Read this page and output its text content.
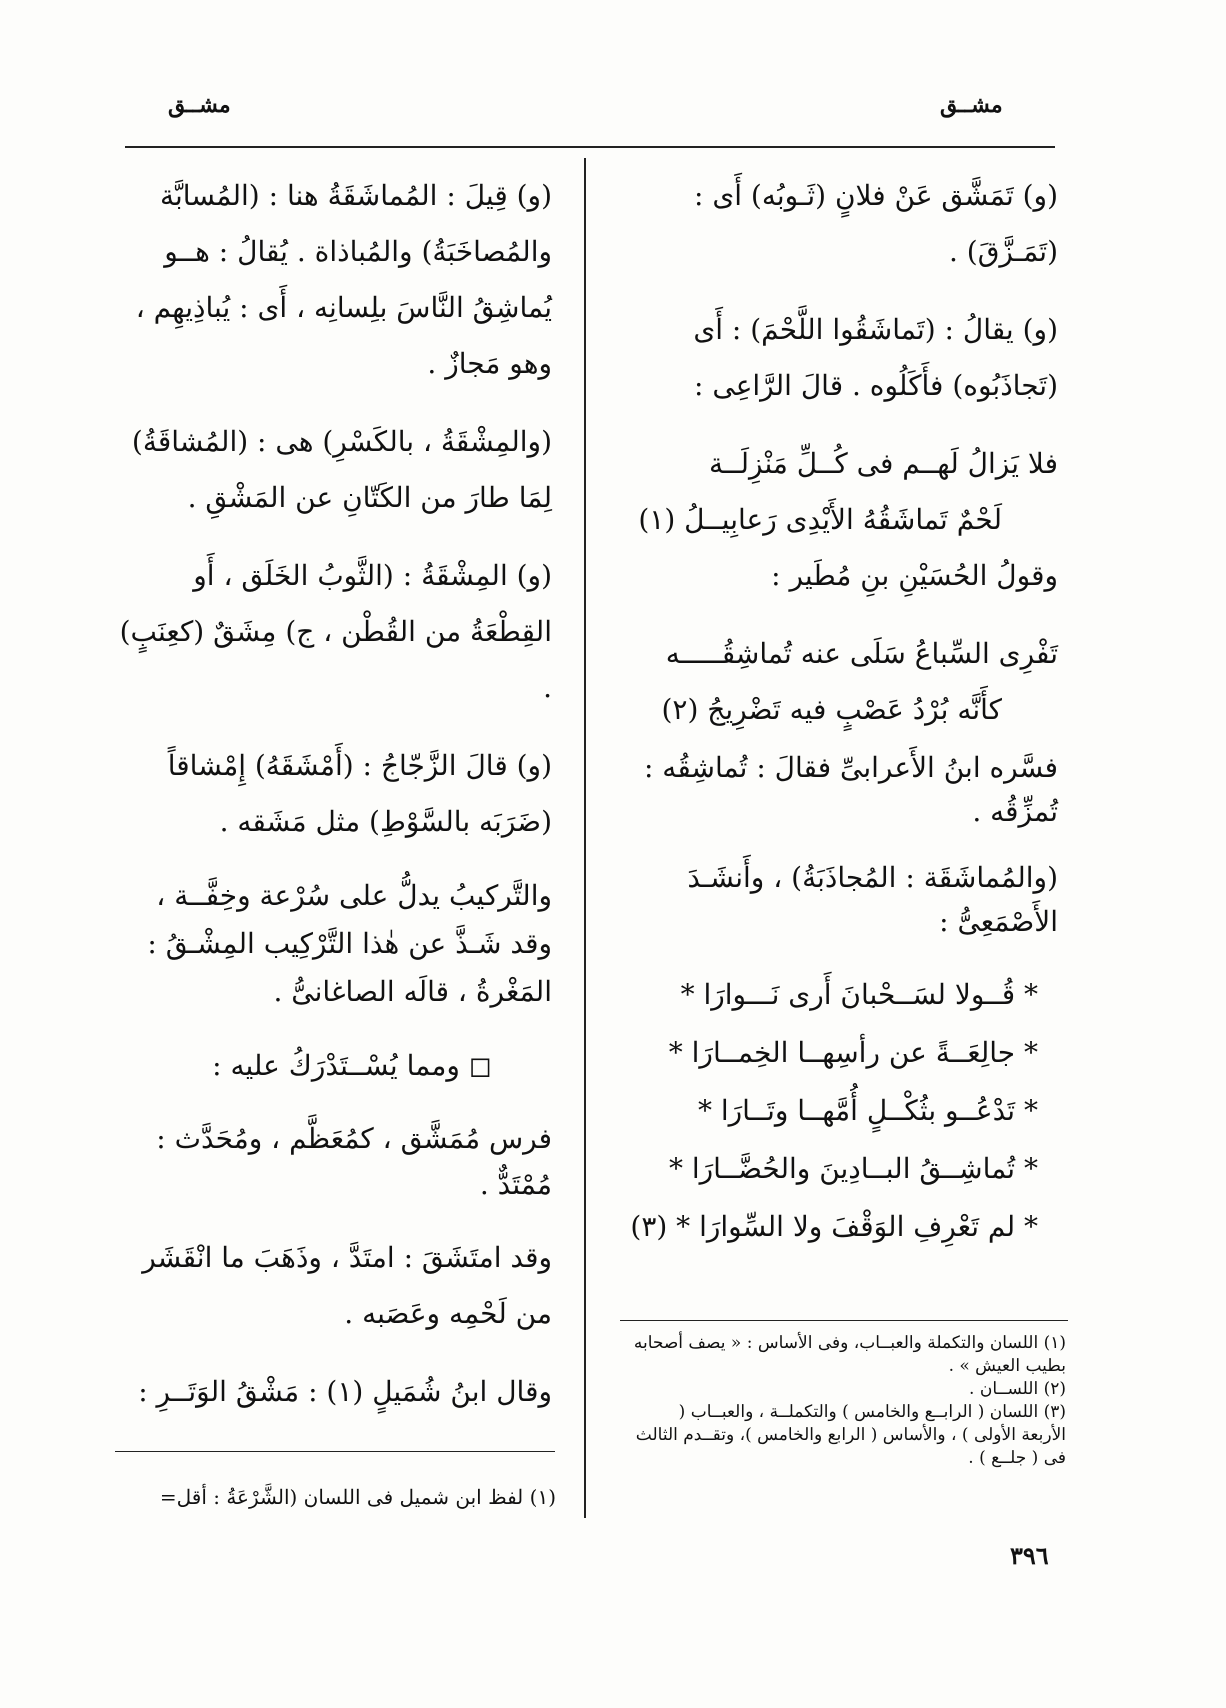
مشــق
مشــق

(و) تَمَشَّق عَنْ فلانٍ (ثَـوبُه) أَى : (تَمَـزَّقَ) .

(و) يقالُ : (تَماشَقُوا اللَّحْمَ) : أَى (تَجاذَبُوه) فأَكَلُوه . قالَ الرَّاعِى :

فلا يَزالُ لَهــم فى كُــلِّ مَنْزِلَــة

لَحْمٌ تَماشَقُهُ الأَيْدِى رَعابِيــلُ (١)

وقولُ الحُسَيْنِ بنِ مُطَير :

تَفْرِى السِّباعُ سَلَى عنه تُماشِقُـــــه

كأَنَّه بُرْدُ عَصْبٍ فيه تَضْرِيجُ (٢)

فسَّره ابنُ الأَعرابىِّ فقالَ : تُماشِقُه : تُمزِّقُه .

(والمُماشَقَة : المُجاذَبَةُ) ، وأَنشَـدَ الأَصْمَعِىُّ :

* قُــولا لسَــحْبانَ أَرى نَـــوارَا *

* جالِعَــةً عن رأسِهــا الخِمــارَا *

* تَدْعُــو بثُكْــلٍ أُمَّهــا وتَــارَا *

* تُماشِــقُ البــادِينَ والحُضَّــارَا *

* لم تَعْرِفِ الوَقْفَ ولا السِّوارَا * (٣)

(١) اللسان والتكملة والعبــاب، وفى الأساس : « يصف أصحابه بطيب العيش » .

(٢) اللســان .

(٣) اللسان ( الرابــع والخامس ) والتكملــة ، والعبــاب ( الأربعة الأولى ) ، والأساس ( الرابع والخامس )، وتقــدم الثالث فى ( جلــع ) .

(و) قِيلَ : المُماشَقَةُ هنا : (المُسابَّة والمُصاخَبَةُ) والمُباذاة . يُقالُ : هــو يُماشِقُ النَّاسَ بلِسانِه ، أَى : يُباذِيهِم ، وهو مَجازٌ .

(والمِشْقَةُ ، بالكَسْرِ) هى : (المُشاقَةُ) لِمَا طارَ من الكَتّانِ عن المَشْقِ .

(و) المِشْقَةُ : (الثَّوبُ الخَلَق ، أَو القِطْعَةُ من القُطْن ، ج) مِشَقٌ (كعِنَبٍ) .

(و) قالَ الزَّجّاجُ : (أَمْشَقَهُ) إِمْشاقاً (ضَرَبَه بالسَّوْطِ) مثل مَشَقه .

والتَّركيبُ يدلُّ على سُرْعة وخِفَّــة ، وقد شَـذَّ عن هٰذا التَّرْكِيب المِشْـقُ : المَغْرةُ ، قالَه الصاغانىُّ .

◻ ومما يُسْــتَدْرَكُ عليه :

فرس مُمَشَّق ، كمُعَظَّم ، ومُحَدَّث : مُمْتَدٌّ .

وقد امتَشَقَ : امتَدَّ ، وذَهَبَ ما انْقَشَر من لَحْمِه وعَصَبه .

وقال ابنُ شُمَيلٍ (١) : مَشْقُ الوَتَــرِ :

(١) لفظ ابن شميل فى اللسان (الشَّرْعَةُ : أقل=

٣٩٦
